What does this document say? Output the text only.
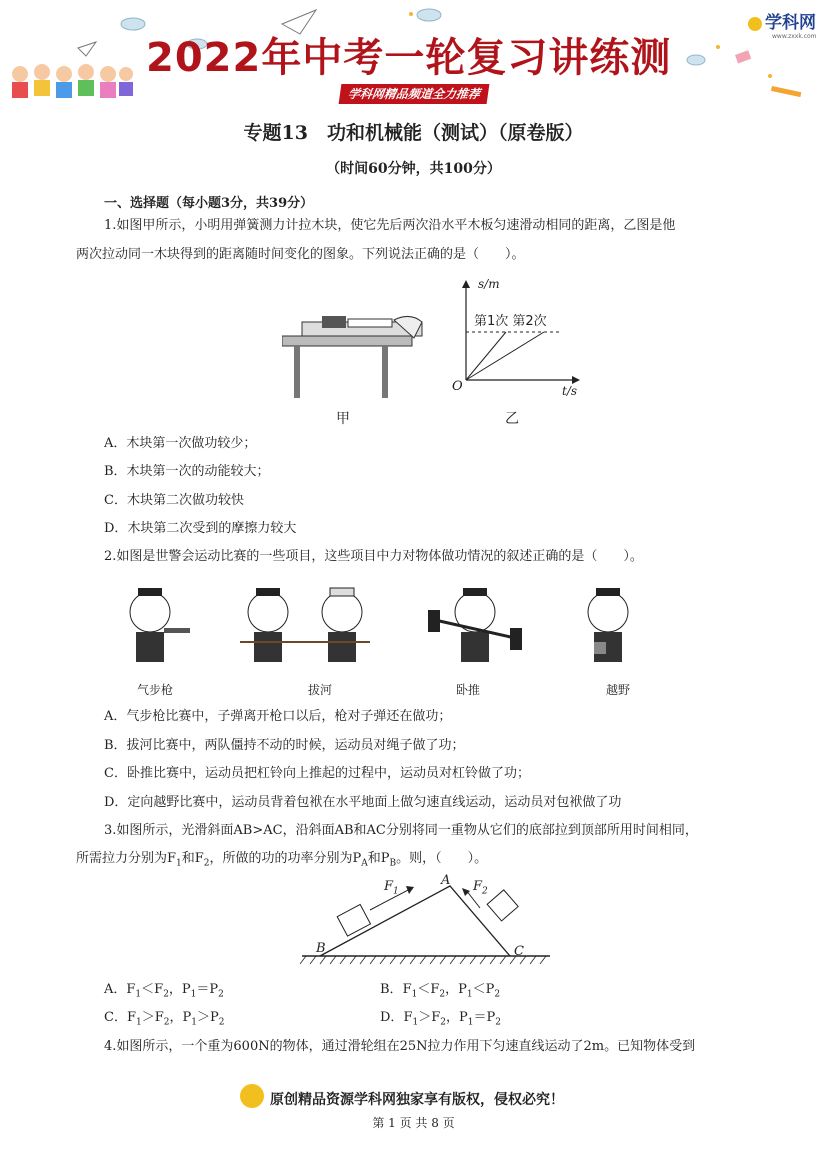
2022年中考一轮复习讲练测
学科网精品频道全力推荐
学科网
www.zxxk.com
专题13　功和机械能（测试）（原卷版）
（时间60分钟，共100分）
一、选择题（每小题3分，共39分）
1.如图甲所示，小明用弹簧测力计拉木块，使它先后两次沿水平木板匀速滑动相同的距离，乙图是他
两次拉动同一木块得到的距离随时间变化的图象。下列说法正确的是（　　）。
s/m
t/s
O
第1次 第2次
甲	乙
A．木块第一次做功较少；
B．木块第一次的动能较大；
C．木块第二次做功较快
D．木块第二次受到的摩擦力较大
2.如图是世警会运动比赛的一些项目，这些项目中力对物体做功情况的叙述正确的是（　　）。
气步枪	拔河	卧推	越野
A．气步枪比赛中，子弹离开枪口以后，枪对子弹还在做功；
B．拔河比赛中，两队僵持不动的时候，运动员对绳子做了功；
C．卧推比赛中，运动员把杠铃向上推起的过程中，运动员对杠铃做了功；
D．定向越野比赛中，运动员背着包袱在水平地面上做匀速直线运动，运动员对包袱做了功
3.如图所示，光滑斜面AB>AC，沿斜面AB和AC分别将同一重物从它们的底部拉到顶部所用时间相同，
所需拉力分别为$F_1$和$F_2$，所做的功的功率分别为$P_A$和$P_B$。则，（　　）。
$F_1$	$F_2$
A
B	C
A．$F_1<F_2$，$P_1=P_2$	B．$F_1<F_2$，$P_1<P_2$
C．$F_1>F_2$，$P_1>P_2$	D．$F_1>F_2$，$P_1=P_2$
4.如图所示，一个重为600N的物体，通过滑轮组在25N拉力作用下匀速直线运动了2m。已知物体受到
原创精品资源学科网独家享有版权，侵权必究！
第 1 页 共 8 页
